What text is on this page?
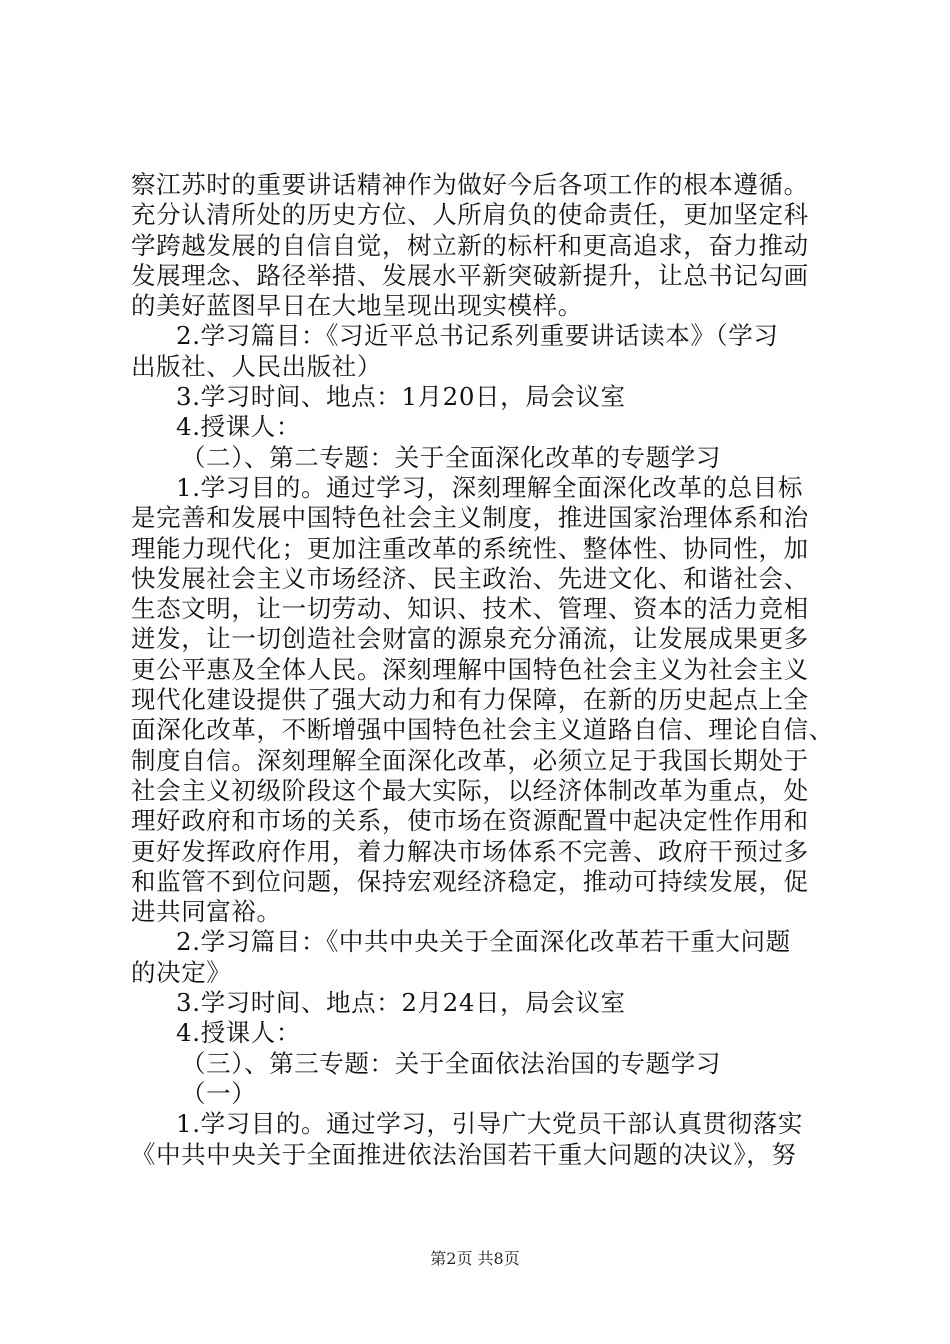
察江苏时的重要讲话精神作为做好今后各项工作的根本遵循。
充分认清所处的历史方位、人所肩负的使命责任，更加坚定科
学跨越发展的自信自觉，树立新的标杆和更高追求，奋力推动
发展理念、路径举措、发展水平新突破新提升，让总书记勾画
的美好蓝图早日在大地呈现出现实模样。
2.学习篇目：《习近平总书记系列重要讲话读本》（学习
出版社、人民出版社）
3.学习时间、地点：1月20日，局会议室
4.授课人：
（二）、第二专题：关于全面深化改革的专题学习
1.学习目的。通过学习，深刻理解全面深化改革的总目标
是完善和发展中国特色社会主义制度，推进国家治理体系和治
理能力现代化；更加注重改革的系统性、整体性、协同性，加
快发展社会主义市场经济、民主政治、先进文化、和谐社会、
生态文明，让一切劳动、知识、技术、管理、资本的活力竞相
迸发，让一切创造社会财富的源泉充分涌流，让发展成果更多
更公平惠及全体人民。深刻理解中国特色社会主义为社会主义
现代化建设提供了强大动力和有力保障，在新的历史起点上全
面深化改革，不断增强中国特色社会主义道路自信、理论自信、
制度自信。深刻理解全面深化改革，必须立足于我国长期处于
社会主义初级阶段这个最大实际，以经济体制改革为重点，处
理好政府和市场的关系，使市场在资源配置中起决定性作用和
更好发挥政府作用，着力解决市场体系不完善、政府干预过多
和监管不到位问题，保持宏观经济稳定，推动可持续发展，促
进共同富裕。
2.学习篇目：《中共中央关于全面深化改革若干重大问题
的决定》
3.学习时间、地点：2月24日，局会议室
4.授课人：
（三）、第三专题：关于全面依法治国的专题学习
（一）
1.学习目的。通过学习，引导广大党员干部认真贯彻落实
《中共中央关于全面推进依法治国若干重大问题的决议》，努
第2页 共8页
